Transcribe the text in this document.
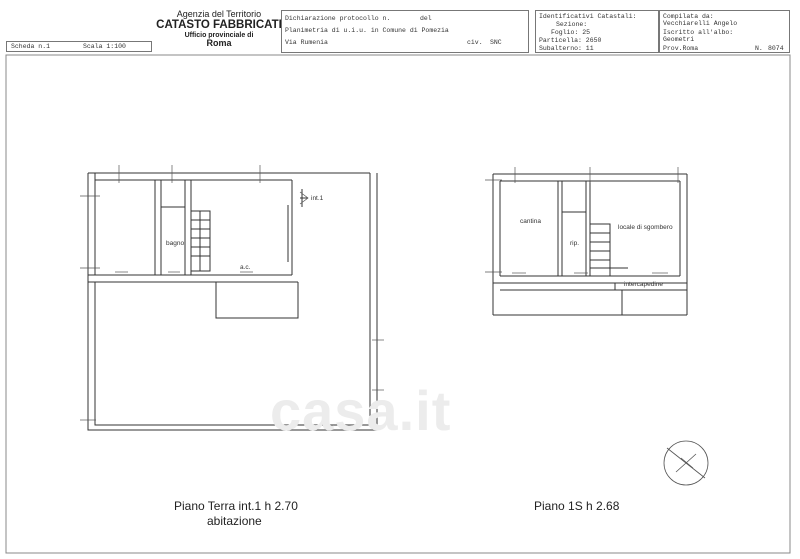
Agenzia del Territorio
CATASTO FABBRICATI
Ufficio provinciale di
Roma
Scheda n.1	Scala 1:100
Dichiarazione protocollo n.	del
Planimetria di u.i.u. in Comune di Pomezia
Via Rumenia	civ. SNC
Identificativi Catastali:
Sezione:
Foglio: 25
Particella: 2650
Subalterno: 11
Compilata da:
Vecchiarelli Angelo
Iscritto all'albo:
Geometri
Prov.Roma	N. 8074
int.1
bagno
a.c.
cantina
rip.
locale di sgombero
intercapedine
casa.it
Piano Terra int.1 h 2.70
abitazione
Piano 1S h 2.68
